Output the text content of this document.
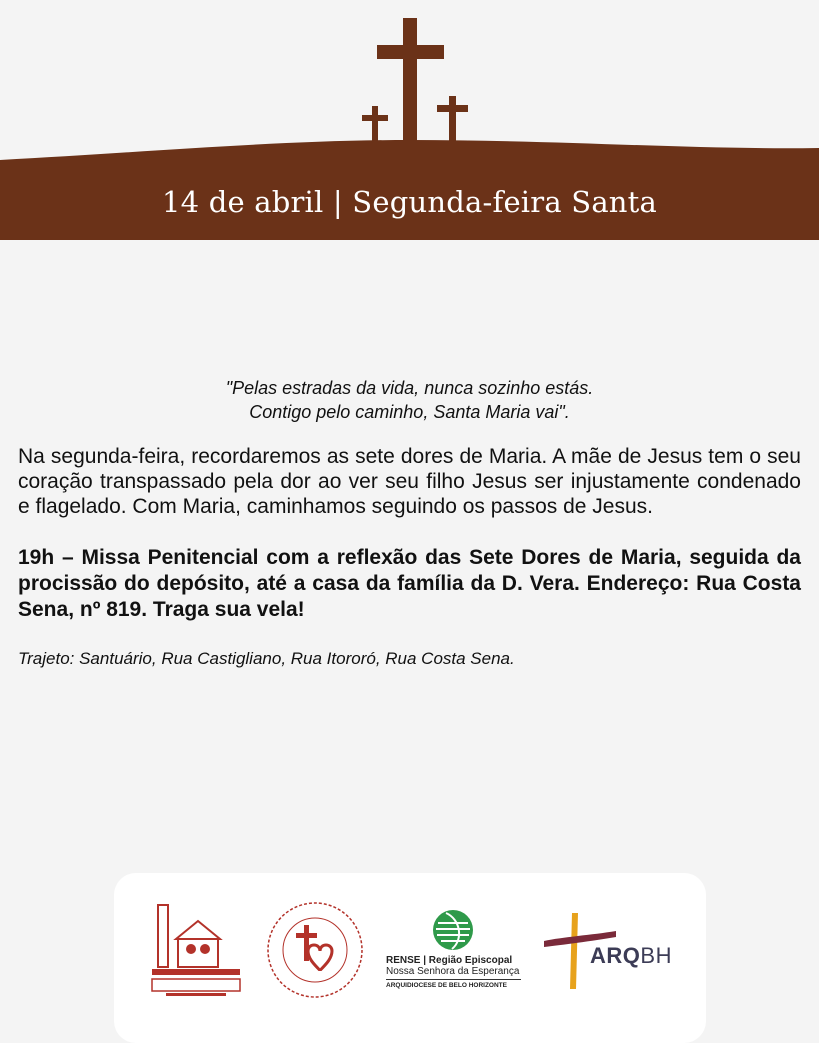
14 de abril | Segunda-feira Santa

"Pelas estradas da vida, nunca sozinho estás.
Contigo pelo caminho, Santa Maria vai".

Na segunda-feira, recordaremos as sete dores de Maria. A mãe de Jesus tem o seu coração transpassado pela dor ao ver seu filho Jesus ser injustamente condenado e flagelado. Com Maria, caminhamos seguindo os passos de Jesus.

19h – Missa Penitencial com a reflexão das Sete Dores de Maria, seguida da procissão do depósito, até a casa da família da D. Vera. Endereço: Rua Costa Sena, nº 819. Traga sua vela!

Trajeto: Santuário, Rua Castigliano, Rua Itororó, Rua Costa Sena.

RENSE | Região Episcopal
Nossa Senhora da Esperança
ARQUIDIOCESE DE BELO HORIZONTE
ARQBH
